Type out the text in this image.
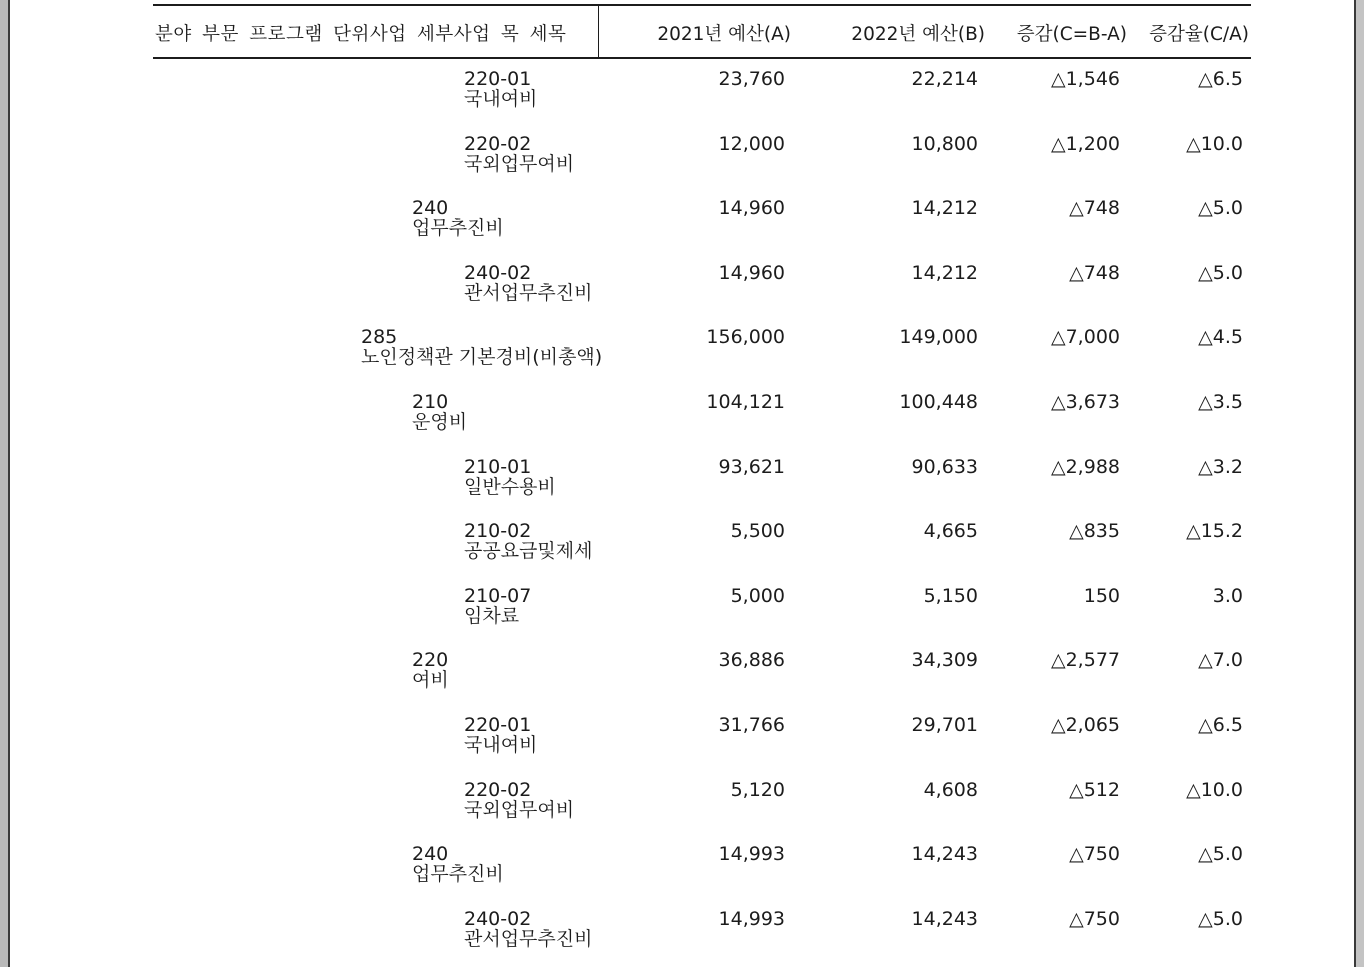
분야 부문 프로그램 단위사업 세부사업 목 세목	2021년 예산(A)	2022년 예산(B) 증감(C=B-A) 증감율(C/A)
220-01
국내여비
23,760	22,214	△1,546	△6.5
220-02
국외업무여비
12,000	10,800	△1,200	△10.0
240
업무추진비
14,960	14,212	△748	△5.0
240-02
관서업무추진비
14,960	14,212	△748	△5.0
285
노인정책관 기본경비(비총액)
156,000	149,000	△7,000	△4.5
210
운영비
104,121	100,448	△3,673	△3.5
210-01
일반수용비
93,621	90,633	△2,988	△3.2
210-02
공공요금및제세
5,500	4,665	△835	△15.2
210-07
임차료
5,000	5,150	150	3.0
220
여비
36,886	34,309	△2,577	△7.0
220-01
국내여비
31,766	29,701	△2,065	△6.5
220-02
국외업무여비
5,120	4,608	△512	△10.0
240
업무추진비
14,993	14,243	△750	△5.0
240-02
관서업무추진비
14,993	14,243	△750	△5.0
